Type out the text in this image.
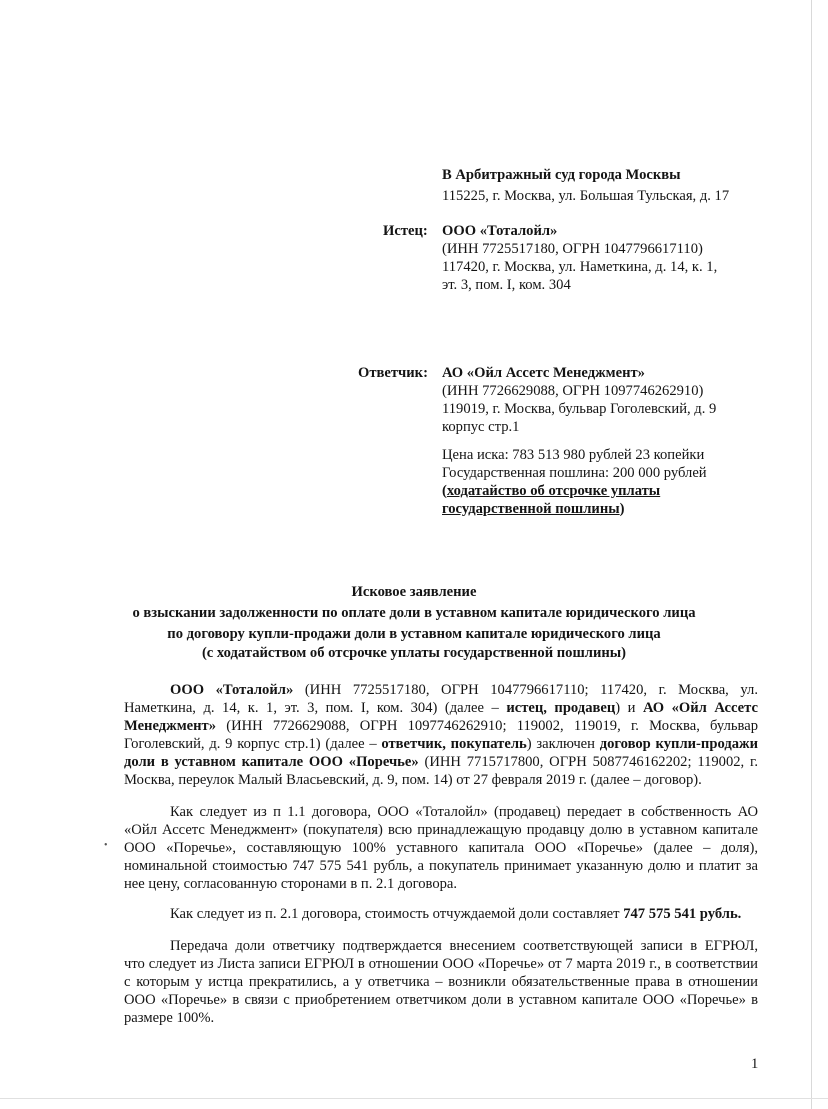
В Арбитражный суд города Москвы
115225, г. Москва, ул. Большая Тульская, д. 17
Истец: ООО «Тоталойл»
(ИНН 7725517180, ОГРН 1047796617110)
117420, г. Москва, ул. Наметкина, д. 14, к. 1,
эт. 3, пом. I, ком. 304
Ответчик: АО «Ойл Ассетс Менеджмент»
(ИНН 7726629088, ОГРН 1097746262910)
119019, г. Москва, бульвар Гоголевский, д. 9
корпус стр.1
Цена иска: 783 513 980 рублей 23 копейки
Государственная пошлина: 200 000 рублей
(ходатайство об отсрочке уплаты
государственной пошлины)
Исковое заявление
о взыскании задолженности по оплате доли в уставном капитале юридического лица
по договору купли-продажи доли в уставном капитале юридического лица
(с ходатайством об отсрочке уплаты государственной пошлины)
ООО «Тоталойл» (ИНН 7725517180, ОГРН 1047796617110; 117420, г. Москва, ул.
Наметкина, д. 14, к. 1, эт. 3, пом. I, ком. 304) (далее – истец, продавец) и АО «Ойл Ассетс
Менеджмент» (ИНН 7726629088, ОГРН 1097746262910; 119002, 119019, г. Москва, бульвар
Гоголевский, д. 9 корпус стр.1) (далее – ответчик, покупатель) заключен договор купли-продажи
доли в уставном капитале ООО «Поречье» (ИНН 7715717800, ОГРН 5087746162202; 119002, г.
Москва, переулок Малый Власьевский, д. 9, пом. 14) от 27 февраля 2019 г. (далее – договор).
Как следует из п 1.1 договора, ООО «Тоталойл» (продавец) передает в собственность АО
«Ойл Ассетс Менеджмент» (покупателя) всю принадлежащую продавцу долю в уставном капитале
ООО «Поречье», составляющую 100% уставного капитала ООО «Поречье» (далее – доля),
номинальной стоимостью 747 575 541 рубль, а покупатель принимает указанную долю и платит за
нее цену, согласованную сторонами в п. 2.1 договора.
•
Как следует из п. 2.1 договора, стоимость отчуждаемой доли составляет 747 575 541 рубль.
Передача доли ответчику подтверждается внесением соответствующей записи в ЕГРЮЛ,
что следует из Листа записи ЕГРЮЛ в отношении ООО «Поречье» от 7 марта 2019 г., в соответствии
с которым у истца прекратились, а у ответчика – возникли обязательственные права в отношении
ООО «Поречье» в связи с приобретением ответчиком доли в уставном капитале ООО «Поречье» в
размере 100%.
1
